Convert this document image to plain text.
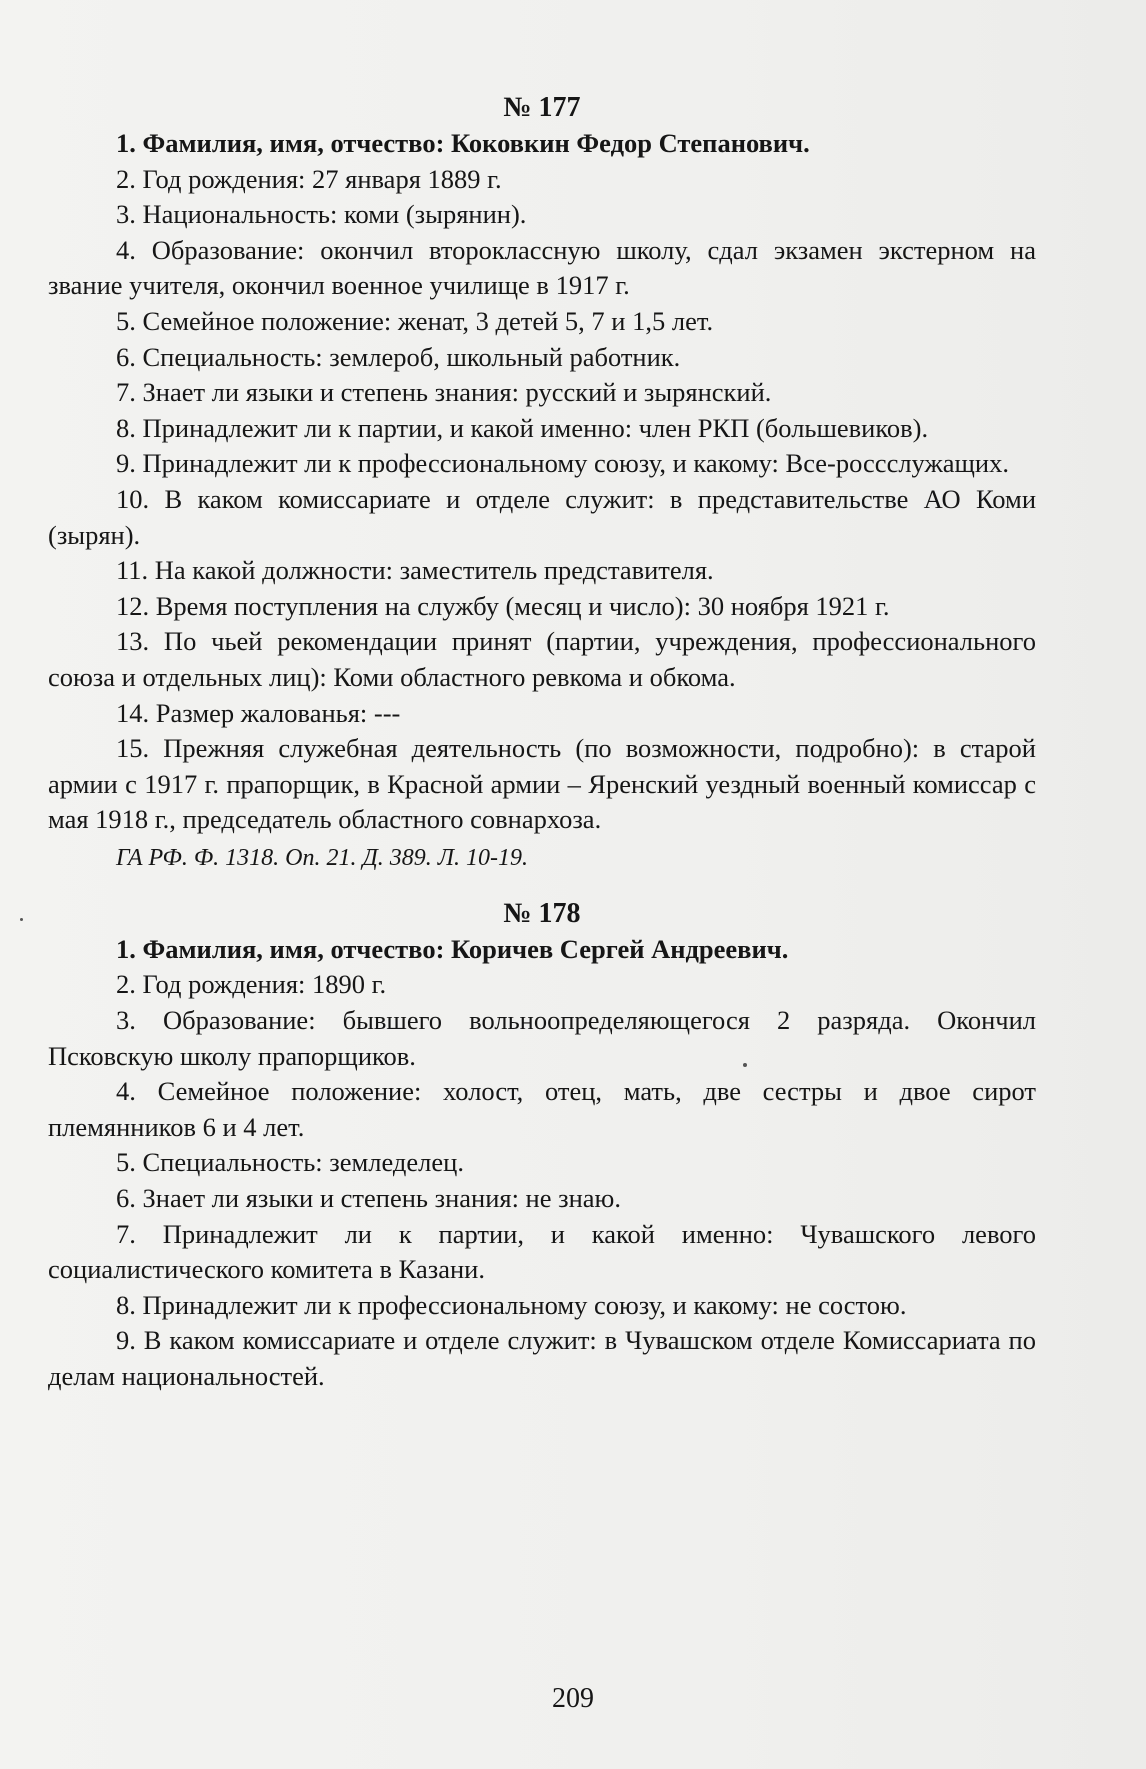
№ 177

1. Фамилия, имя, отчество: Коковкин Федор Степанович.

2. Год рождения: 27 января 1889 г.

3. Национальность: коми (зырянин).

4. Образование: окончил второклассную школу, сдал экзамен экстерном на звание учителя, окончил военное училище в 1917 г.

5. Семейное положение: женат, 3 детей 5, 7 и 1,5 лет.

6. Специальность: землероб, школьный работник.

7. Знает ли языки и степень знания: русский и зырянский.

8. Принадлежит ли к партии, и какой именно: член РКП (большевиков).

9. Принадлежит ли к профессиональному союзу, и какому: Все-россслужащих.

10. В каком комиссариате и отделе служит: в представительстве АО Коми (зырян).

11. На какой должности: заместитель представителя.

12. Время поступления на службу (месяц и число): 30 ноября 1921 г.

13. По чьей рекомендации принят (партии, учреждения, профессионального союза и отдельных лиц): Коми областного ревкома и обкома.

14. Размер жалованья: ---

15. Прежняя служебная деятельность (по возможности, подробно): в старой армии с 1917 г. прапорщик, в Красной армии – Яренский уездный военный комиссар с мая 1918 г., председатель областного совнархоза.

ГА РФ. Ф. 1318. Оп. 21. Д. 389. Л. 10-19.
№ 178

1. Фамилия, имя, отчество: Коричев Сергей Андреевич.

2. Год рождения: 1890 г.

3. Образование: бывшего вольноопределяющегося 2 разряда. Окончил Псковскую школу прапорщиков.

4. Семейное положение: холост, отец, мать, две сестры и двое сирот племянников 6 и 4 лет.

5. Специальность: земледелец.

6. Знает ли языки и степень знания: не знаю.

7. Принадлежит ли к партии, и какой именно: Чувашского левого социалистического комитета в Казани.

8. Принадлежит ли к профессиональному союзу, и какому: не состою.

9. В каком комиссариате и отделе служит: в Чувашском отделе Комиссариата по делам национальностей.

209
